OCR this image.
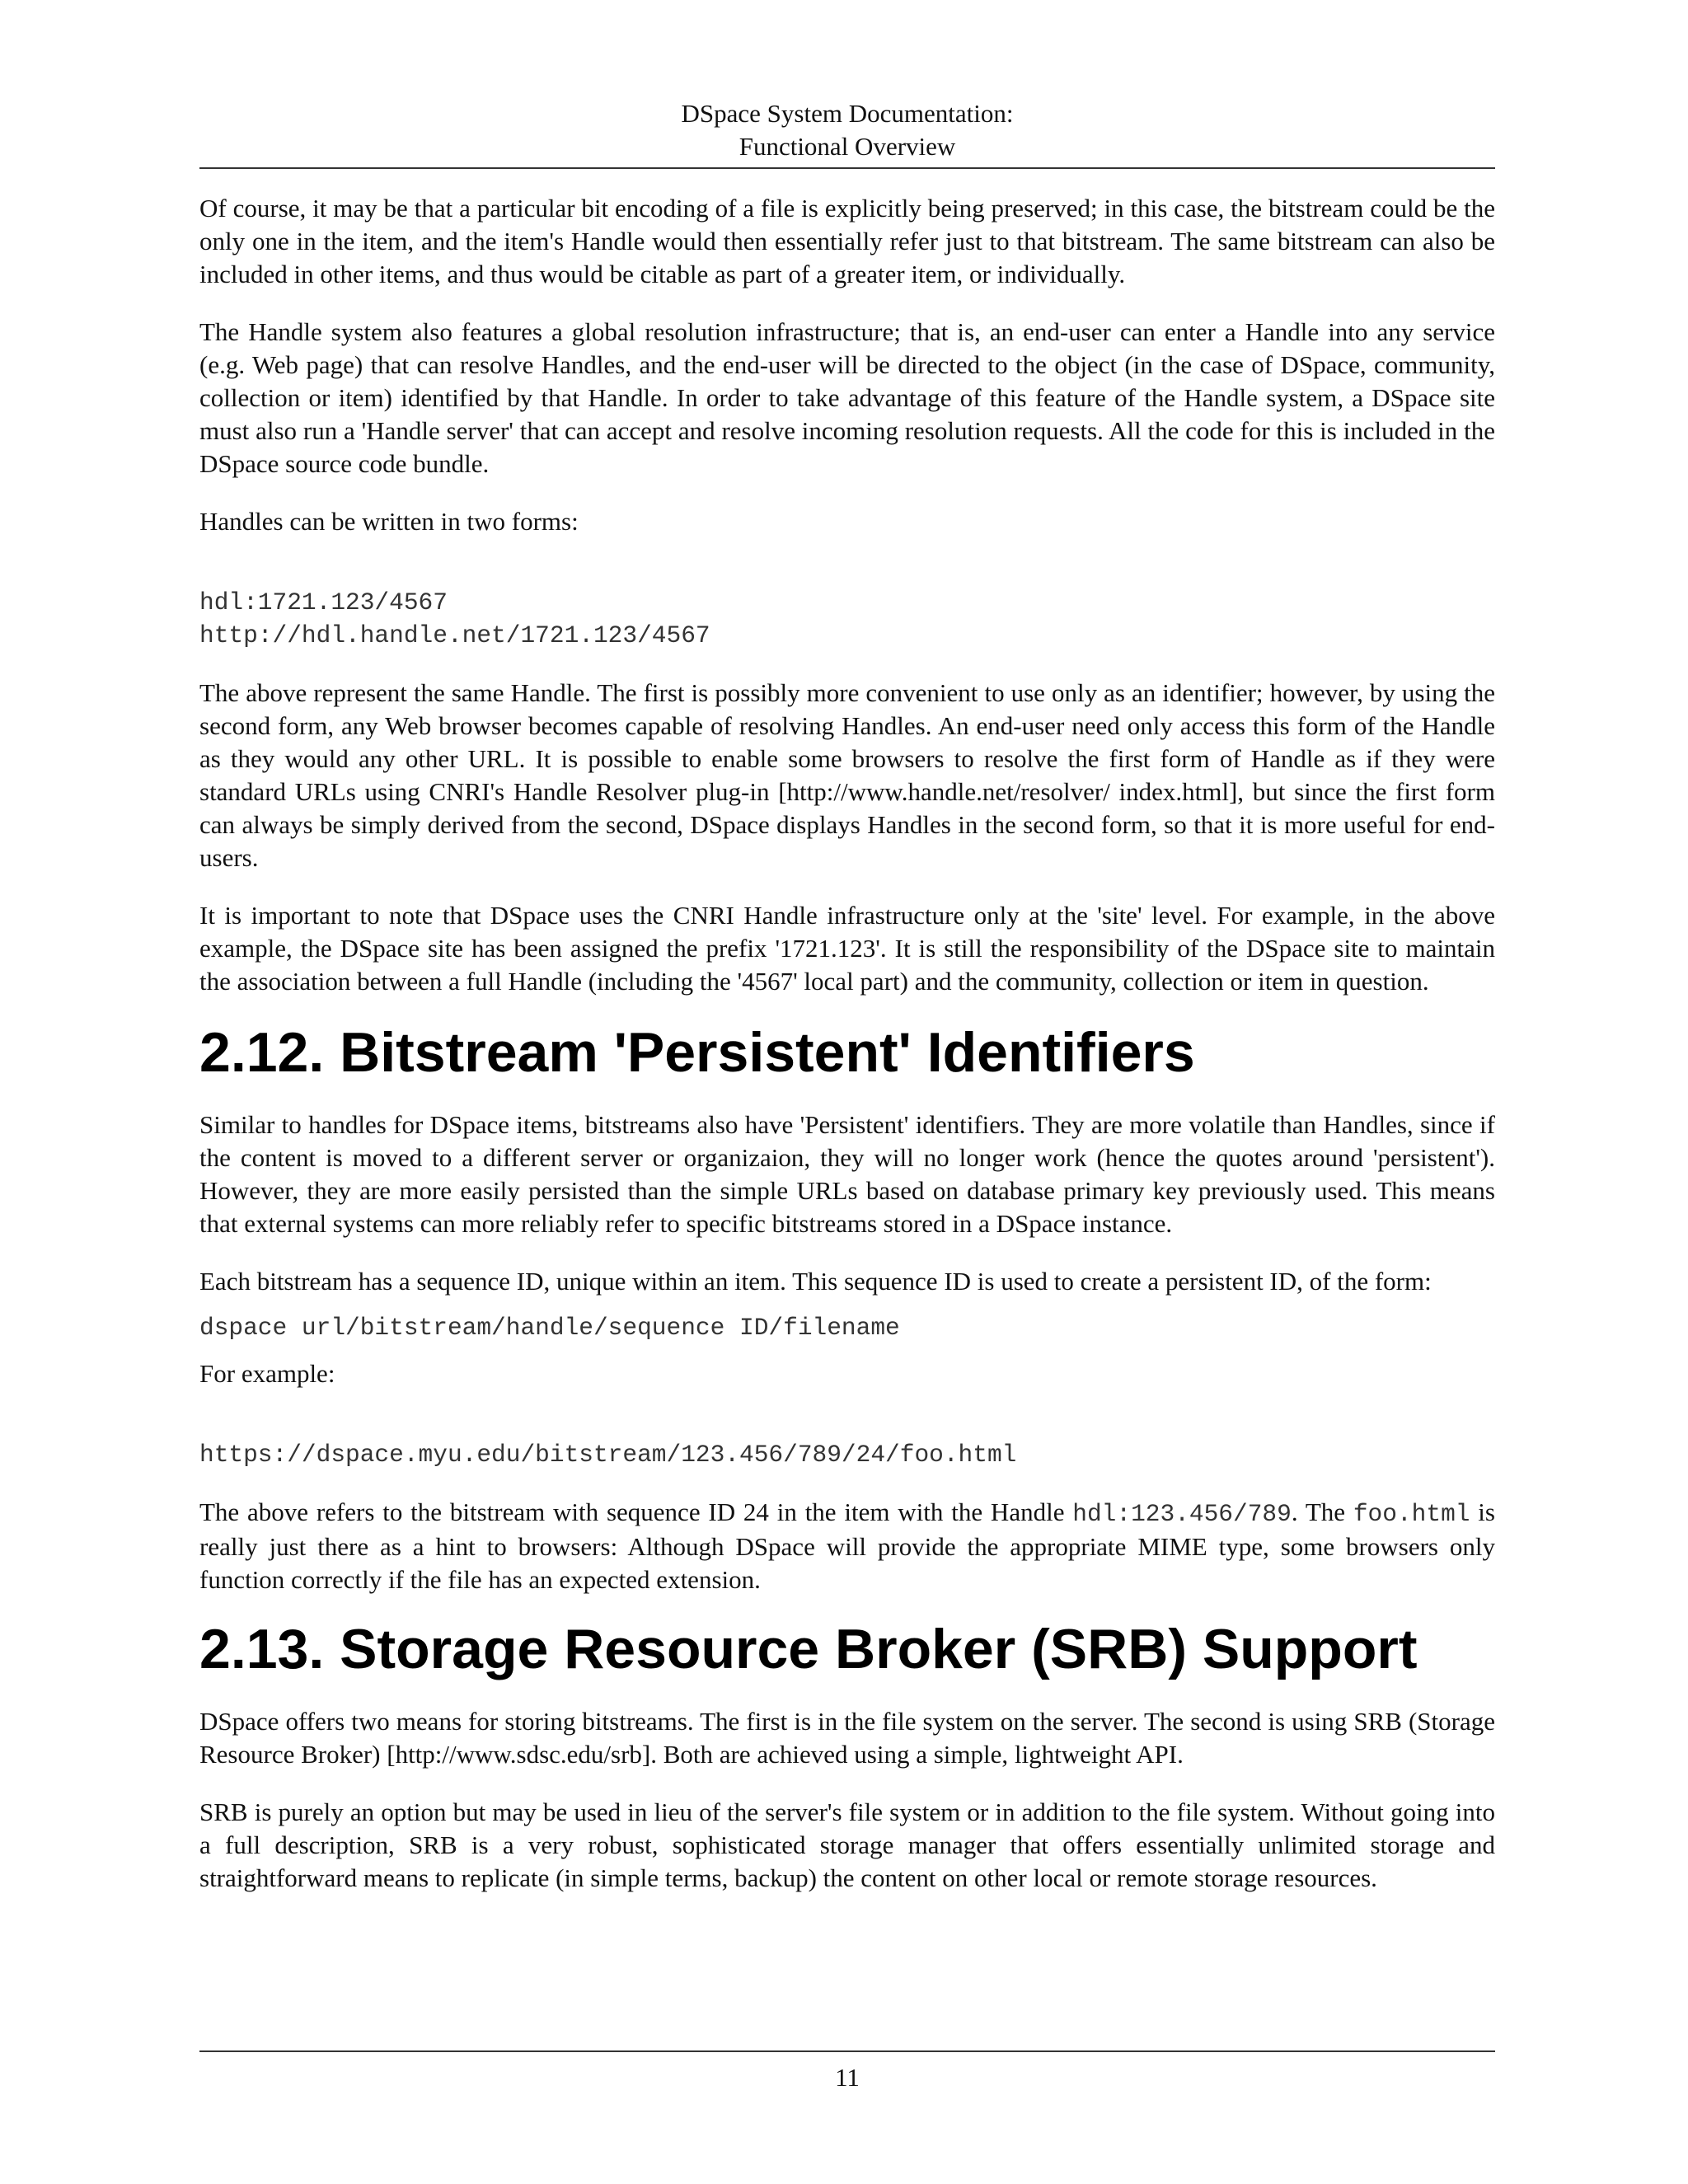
DSpace System Documentation:
Functional Overview

Of course, it may be that a particular bit encoding of a file is explicitly being preserved; in this case, the bitstream could be the only one in the item, and the item's Handle would then essentially refer just to that bitstream. The same bitstream can also be included in other items, and thus would be citable as part of a greater item, or individually.

The Handle system also features a global resolution infrastructure; that is, an end-user can enter a Handle into any service (e.g. Web page) that can resolve Handles, and the end-user will be directed to the object (in the case of DSpace, community, collection or item) identified by that Handle. In order to take advantage of this feature of the Handle system, a DSpace site must also run a 'Handle server' that can accept and resolve incoming resolution requests. All the code for this is included in the DSpace source code bundle.

Handles can be written in two forms:

hdl:1721.123/4567
http://hdl.handle.net/1721.123/4567

The above represent the same Handle. The first is possibly more convenient to use only as an identifier; however, by using the second form, any Web browser becomes capable of resolving Handles. An end-user need only access this form of the Handle as they would any other URL. It is possible to enable some browsers to resolve the first form of Handle as if they were standard URLs using CNRI's Handle Resolver plug-in [http://www.handle.net/resolver/ index.html], but since the first form can always be simply derived from the second, DSpace displays Handles in the second form, so that it is more useful for end-users.

It is important to note that DSpace uses the CNRI Handle infrastructure only at the 'site' level. For example, in the above example, the DSpace site has been assigned the prefix '1721.123'. It is still the responsibility of the DSpace site to maintain the association between a full Handle (including the '4567' local part) and the community, collection or item in question.

2.12. Bitstream 'Persistent' Identifiers

Similar to handles for DSpace items, bitstreams also have 'Persistent' identifiers. They are more volatile than Handles, since if the content is moved to a different server or organizaion, they will no longer work (hence the quotes around 'persistent'). However, they are more easily persisted than the simple URLs based on database primary key previously used. This means that external systems can more reliably refer to specific bitstreams stored in a DSpace instance.

Each bitstream has a sequence ID, unique within an item. This sequence ID is used to create a persistent ID, of the form:

dspace url/bitstream/handle/sequence ID/filename

For example:

https://dspace.myu.edu/bitstream/123.456/789/24/foo.html

The above refers to the bitstream with sequence ID 24 in the item with the Handle hdl:123.456/789. The foo.html is really just there as a hint to browsers: Although DSpace will provide the appropriate MIME type, some browsers only function correctly if the file has an expected extension.

2.13. Storage Resource Broker (SRB) Support

DSpace offers two means for storing bitstreams. The first is in the file system on the server. The second is using SRB (Storage Resource Broker) [http://www.sdsc.edu/srb]. Both are achieved using a simple, lightweight API.

SRB is purely an option but may be used in lieu of the server's file system or in addition to the file system. Without going into a full description, SRB is a very robust, sophisticated storage manager that offers essentially unlimited storage and straightforward means to replicate (in simple terms, backup) the content on other local or remote storage resources.

11
